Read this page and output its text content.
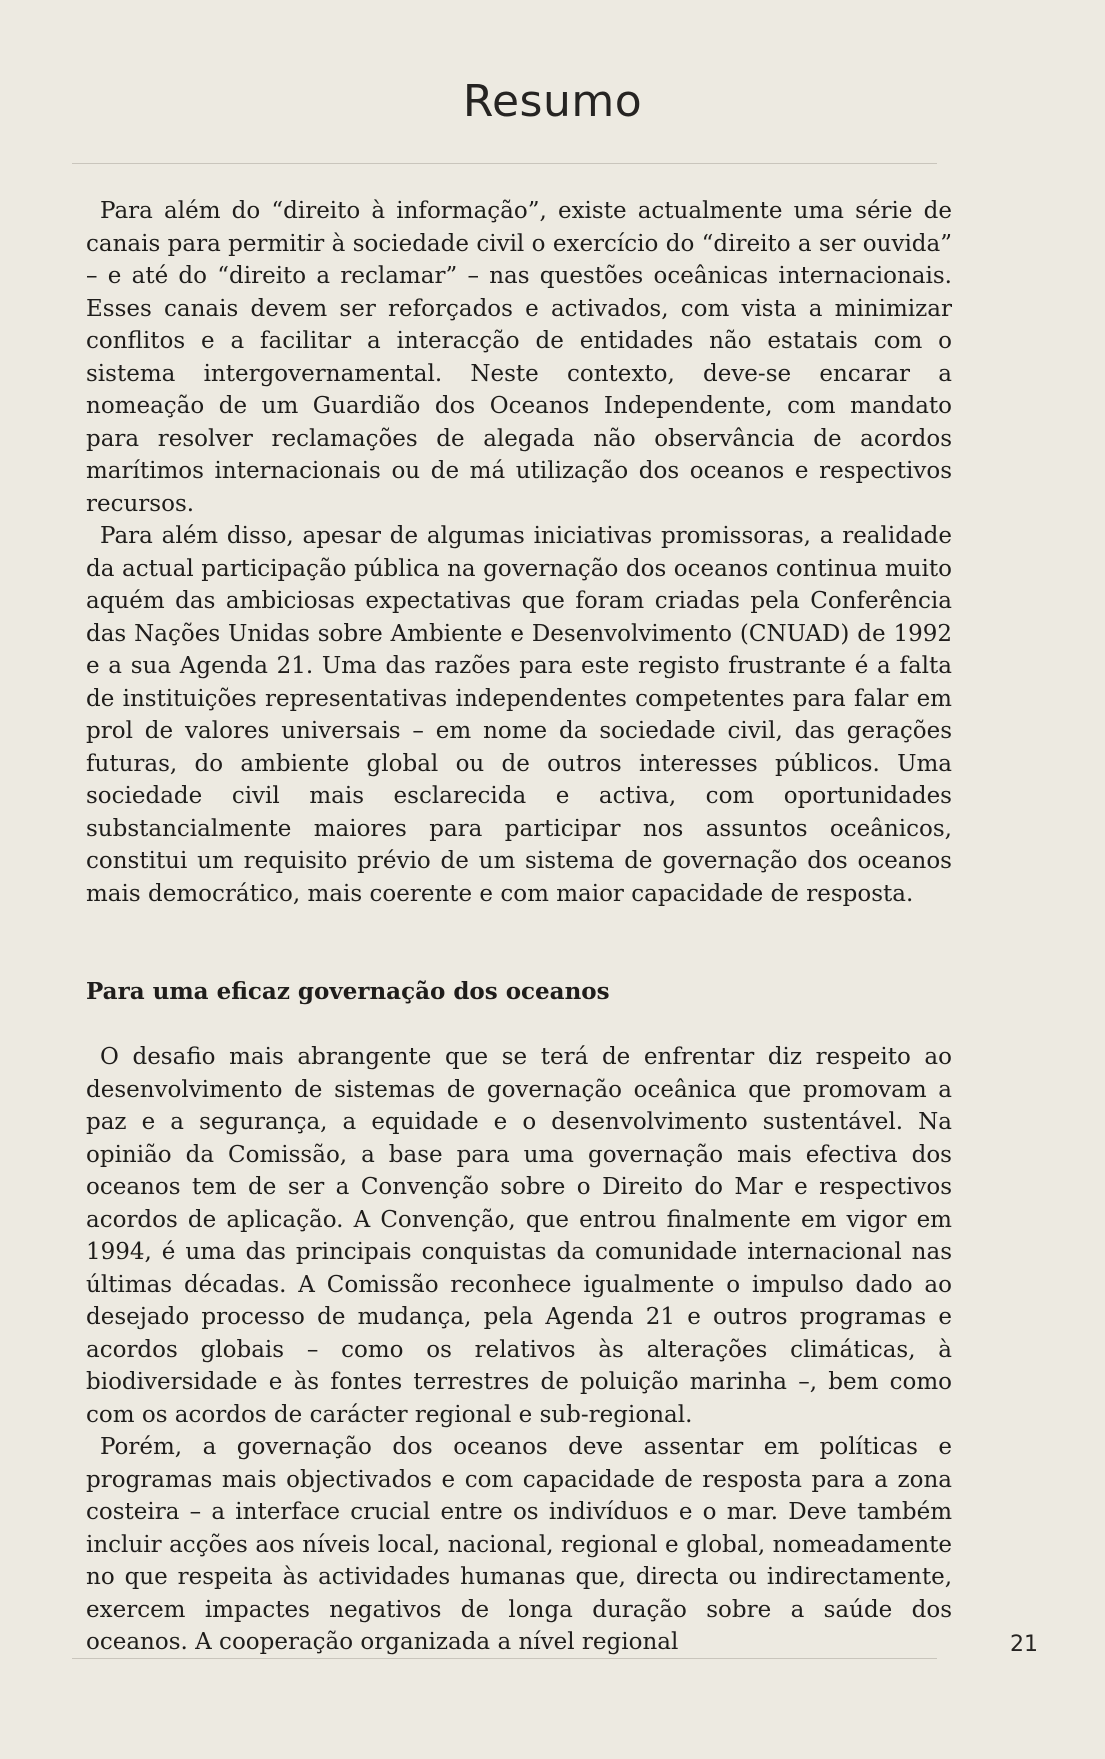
Resumo

Para além do “direito à informação”, existe actualmente uma série de canais para permitir à sociedade civil o exercício do “direito a ser ouvida” – e até do “direito a reclamar” – nas questões oceânicas internacionais. Esses canais devem ser reforçados e activados, com vista a minimizar conflitos e a facilitar a interacção de entidades não estatais com o sistema intergovernamental. Neste contexto, deve-se encarar a nomeação de um Guardião dos Oceanos Independente, com mandato para resolver reclamações de alegada não observância de acordos marítimos internacionais ou de má utilização dos oceanos e respectivos recursos.

Para além disso, apesar de algumas iniciativas promissoras, a realidade da actual participação pública na governação dos oceanos continua muito aquém das ambiciosas expectativas que foram criadas pela Conferência das Nações Unidas sobre Ambiente e Desenvolvimento (CNUAD) de 1992 e a sua Agenda 21. Uma das razões para este registo frustrante é a falta de instituições representativas independentes competentes para falar em prol de valores universais – em nome da sociedade civil, das gerações futuras, do ambiente global ou de outros interesses públicos. Uma sociedade civil mais esclarecida e activa, com oportunidades substancialmente maiores para participar nos assuntos oceânicos, constitui um requisito prévio de um sistema de governação dos oceanos mais democrático, mais coerente e com maior capacidade de resposta.

Para uma eficaz governação dos oceanos

O desafio mais abrangente que se terá de enfrentar diz respeito ao desenvolvimento de sistemas de governação oceânica que promovam a paz e a segurança, a equidade e o desenvolvimento sustentável. Na opinião da Comissão, a base para uma governação mais efectiva dos oceanos tem de ser a Convenção sobre o Direito do Mar e respectivos acordos de aplicação. A Convenção, que entrou finalmente em vigor em 1994, é uma das principais conquistas da comunidade internacional nas últimas décadas. A Comissão reconhece igualmente o impulso dado ao desejado processo de mudança, pela Agenda 21 e outros programas e acordos globais – como os relativos às alterações climáticas, à biodiversidade e às fontes terrestres de poluição marinha –, bem como com os acordos de carácter regional e sub-regional.

Porém, a governação dos oceanos deve assentar em políticas e programas mais objectivados e com capacidade de resposta para a zona costeira – a interface crucial entre os indivíduos e o mar. Deve também incluir acções aos níveis local, nacional, regional e global, nomeadamente no que respeita às actividades humanas que, directa ou indirectamente, exercem impactes negativos de longa duração sobre a saúde dos oceanos. A cooperação organizada a nível regional	21
